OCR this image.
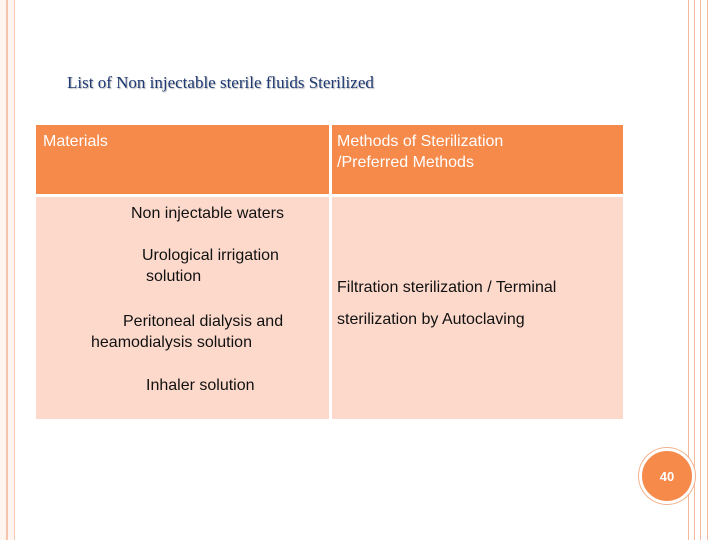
List of Non injectable sterile fluids Sterilized
Materials	Methods of Sterilization
/Preferred Methods
Non injectable waters
Urological irrigation
solution
Peritoneal dialysis and
heamodialysis solution
Inhaler solution
Filtration sterilization / Terminal
sterilization by Autoclaving
40
